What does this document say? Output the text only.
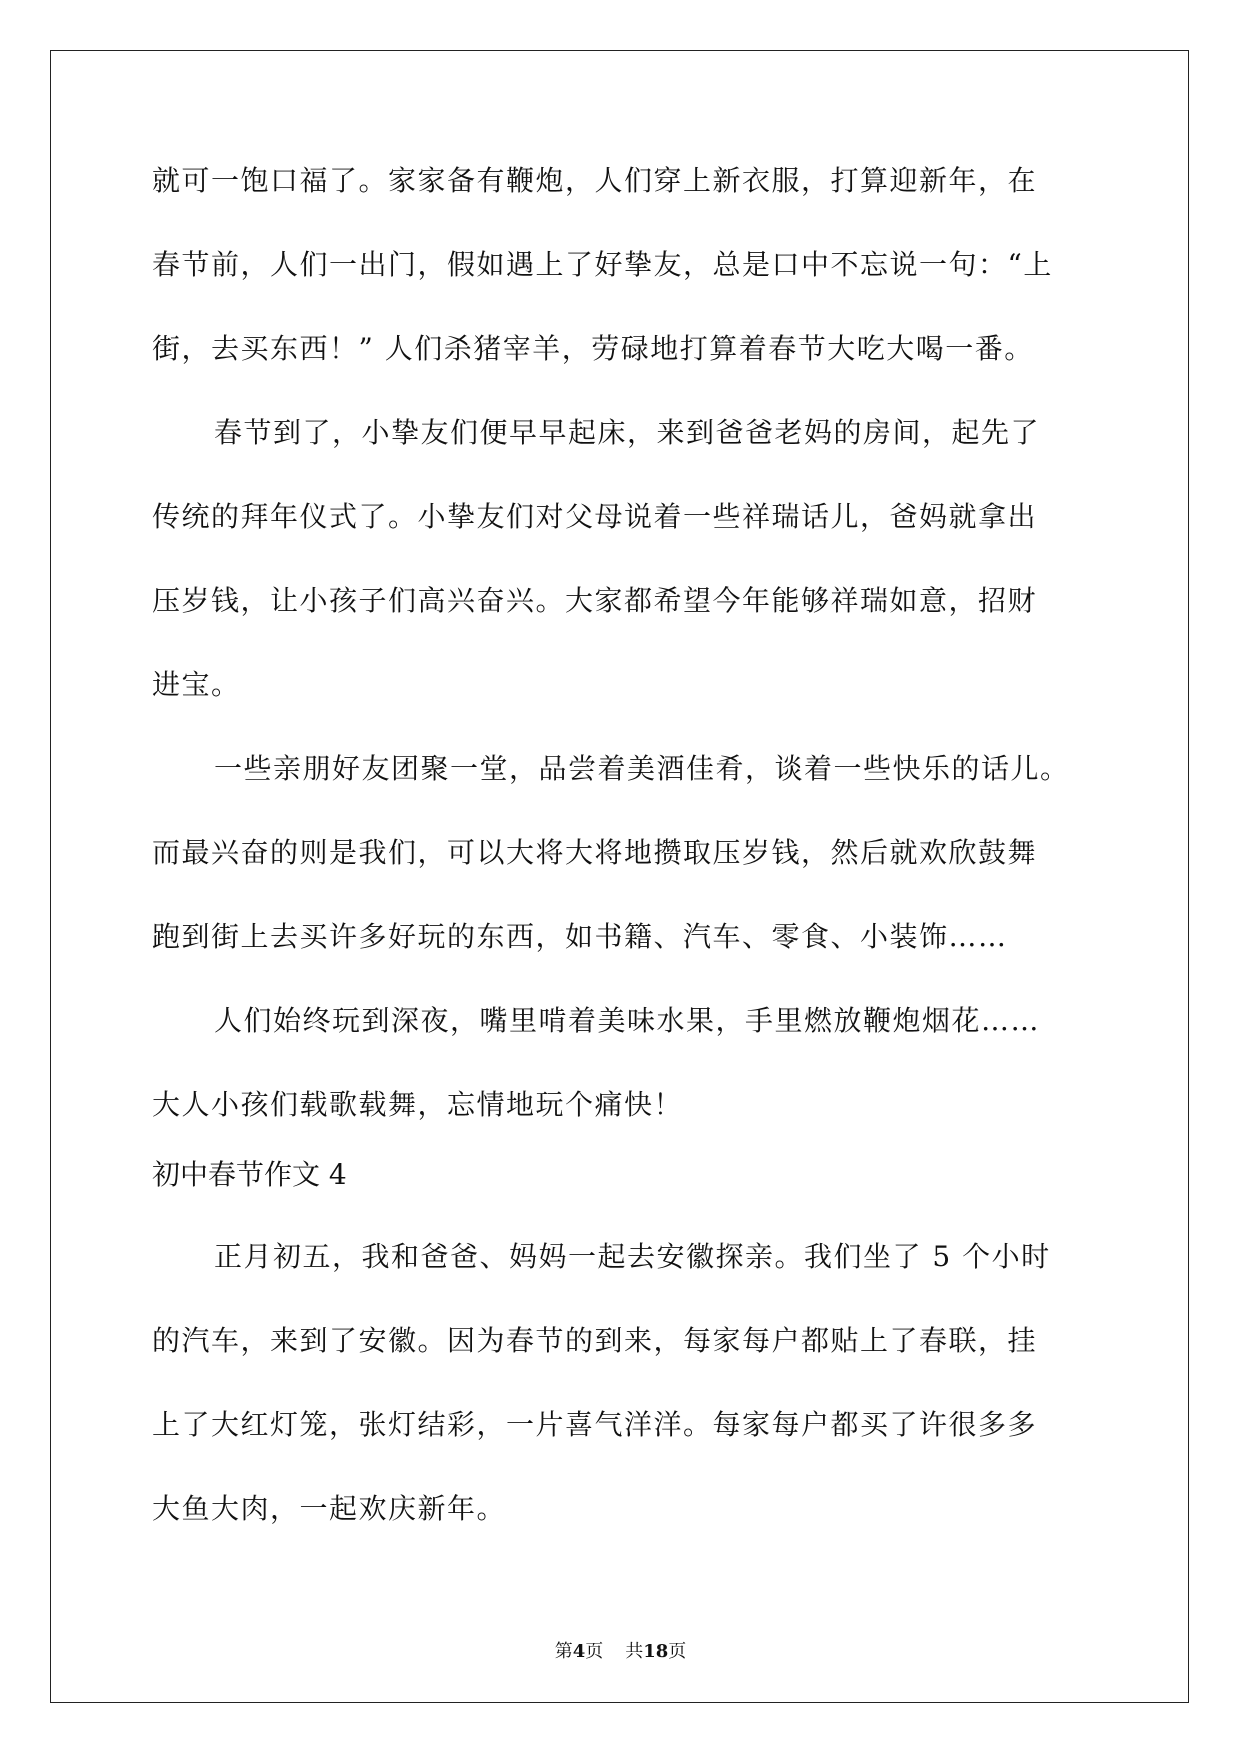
就可一饱口福了。家家备有鞭炮，人们穿上新衣服，打算迎新年，在
春节前，人们一出门，假如遇上了好挚友，总是口中不忘说一句：“上
街，去买东西！” 人们杀猪宰羊，劳碌地打算着春节大吃大喝一番。
春节到了，小挚友们便早早起床，来到爸爸老妈的房间，起先了
传统的拜年仪式了。小挚友们对父母说着一些祥瑞话儿，爸妈就拿出
压岁钱，让小孩子们高兴奋兴。大家都希望今年能够祥瑞如意，招财
进宝。
一些亲朋好友团聚一堂，品尝着美酒佳肴，谈着一些快乐的话儿。
而最兴奋的则是我们，可以大将大将地攒取压岁钱，然后就欢欣鼓舞
跑到街上去买许多好玩的东西，如书籍、汽车、零食、小装饰……
人们始终玩到深夜，嘴里啃着美味水果，手里燃放鞭炮烟花……
大人小孩们载歌载舞，忘情地玩个痛快！
初中春节作文 4
正月初五，我和爸爸、妈妈一起去安徽探亲。我们坐了 5 个小时
的汽车，来到了安徽。因为春节的到来，每家每户都贴上了春联，挂
上了大红灯笼，张灯结彩，一片喜气洋洋。每家每户都买了许很多多
大鱼大肉，一起欢庆新年。
第4页 共18页
